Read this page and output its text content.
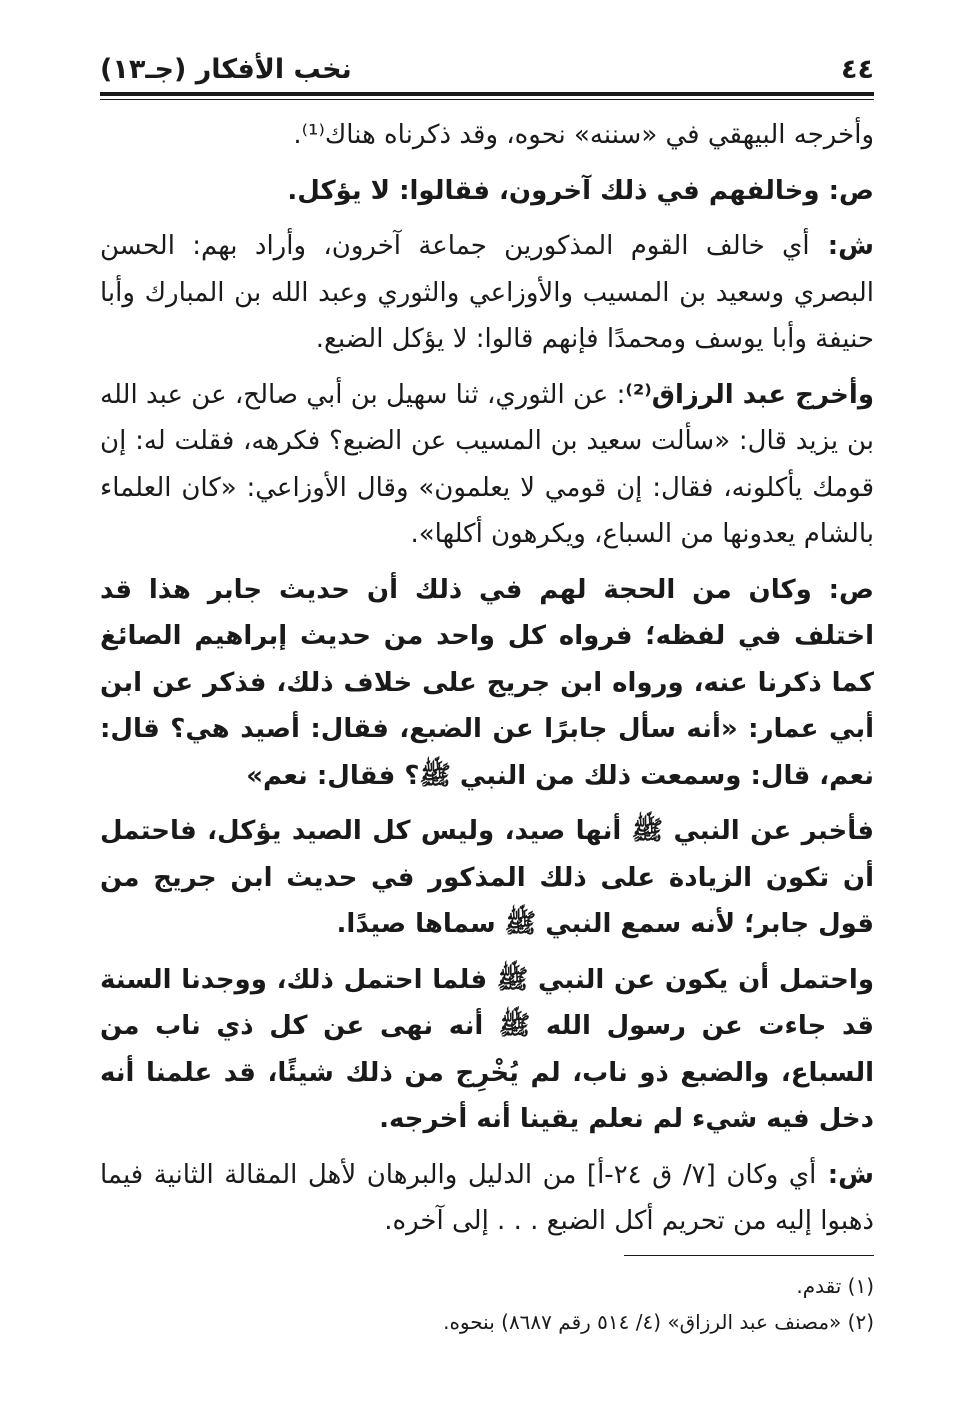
٤٤
نخب الأفكار (جـ١٣)

وأخرجه البيهقي في «سننه» نحوه، وقد ذكرناه هناك⁽¹⁾.

ص: وخالفهم في ذلك آخرون، فقالوا: لا يؤكل.

ش: أي خالف القوم المذكورين جماعة آخرون، وأراد بهم: الحسن البصري وسعيد بن المسيب والأوزاعي والثوري وعبد الله بن المبارك وأبا حنيفة وأبا يوسف ومحمدًا فإنهم قالوا: لا يؤكل الضبع.

وأخرج عبد الرزاق⁽²⁾: عن الثوري، ثنا سهيل بن أبي صالح، عن عبد الله بن يزيد قال: «سألت سعيد بن المسيب عن الضبع؟ فكرهه، فقلت له: إن قومك يأكلونه، فقال: إن قومي لا يعلمون» وقال الأوزاعي: «كان العلماء بالشام يعدونها من السباع، ويكرهون أكلها».

ص: وكان من الحجة لهم في ذلك أن حديث جابر هذا قد اختلف في لفظه؛ فرواه كل واحد من حديث إبراهيم الصائغ كما ذكرنا عنه، ورواه ابن جريج على خلاف ذلك، فذكر عن ابن أبي عمار: «أنه سأل جابرًا عن الضبع، فقال: أصيد هي؟ قال: نعم، قال: وسمعت ذلك من النبي ﷺ؟ فقال: نعم»

فأخبر عن النبي ﷺ أنها صيد، وليس كل الصيد يؤكل، فاحتمل أن تكون الزيادة على ذلك المذكور في حديث ابن جريج من قول جابر؛ لأنه سمع النبي ﷺ سماها صيدًا.

واحتمل أن يكون عن النبي ﷺ فلما احتمل ذلك، ووجدنا السنة قد جاءت عن رسول الله ﷺ أنه نهى عن كل ذي ناب من السباع، والضبع ذو ناب، لم يُخْرِج من ذلك شيئًا، قد علمنا أنه دخل فيه شيء لم نعلم يقينا أنه أخرجه.

ش: أي وكان [٧/ ق ٢٤-أ] من الدليل والبرهان لأهل المقالة الثانية فيما ذهبوا إليه من تحريم أكل الضبع . . . إلى آخره.

(١) تقدم.

(٢) «مصنف عبد الرزاق» (٤/ ٥١٤ رقم ٨٦٨٧) بنحوه.
